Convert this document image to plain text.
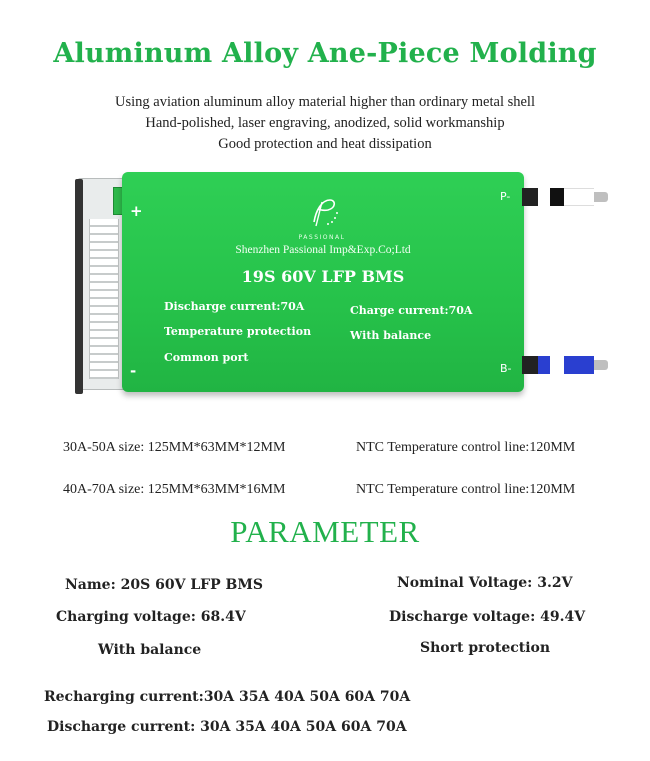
Aluminum Alloy Ane-Piece Molding
Using aviation aluminum alloy material higher than ordinary metal shell
Hand-polished, laser engraving, anodized, solid workmanship
Good protection and heat dissipation
+
-
P-
B-
PASSIONAL
Shenzhen Passional Imp&Exp.Co;Ltd
19S 60V LFP BMS
Discharge current:70A
Temperature protection
Common port
Charge current:70A
With balance
30A-50A size: 125MM*63MM*12MM	NTC Temperature control line:120MM
40A-70A size: 125MM*63MM*16MM	NTC Temperature control line:120MM
PARAMETER
Name: 20S 60V LFP BMS	Nominal Voltage: 3.2V
Charging voltage: 68.4V	Discharge voltage: 49.4V
With balance	Short protection
Recharging current:30A 35A 40A 50A 60A 70A
Discharge current: 30A 35A 40A 50A 60A 70A
